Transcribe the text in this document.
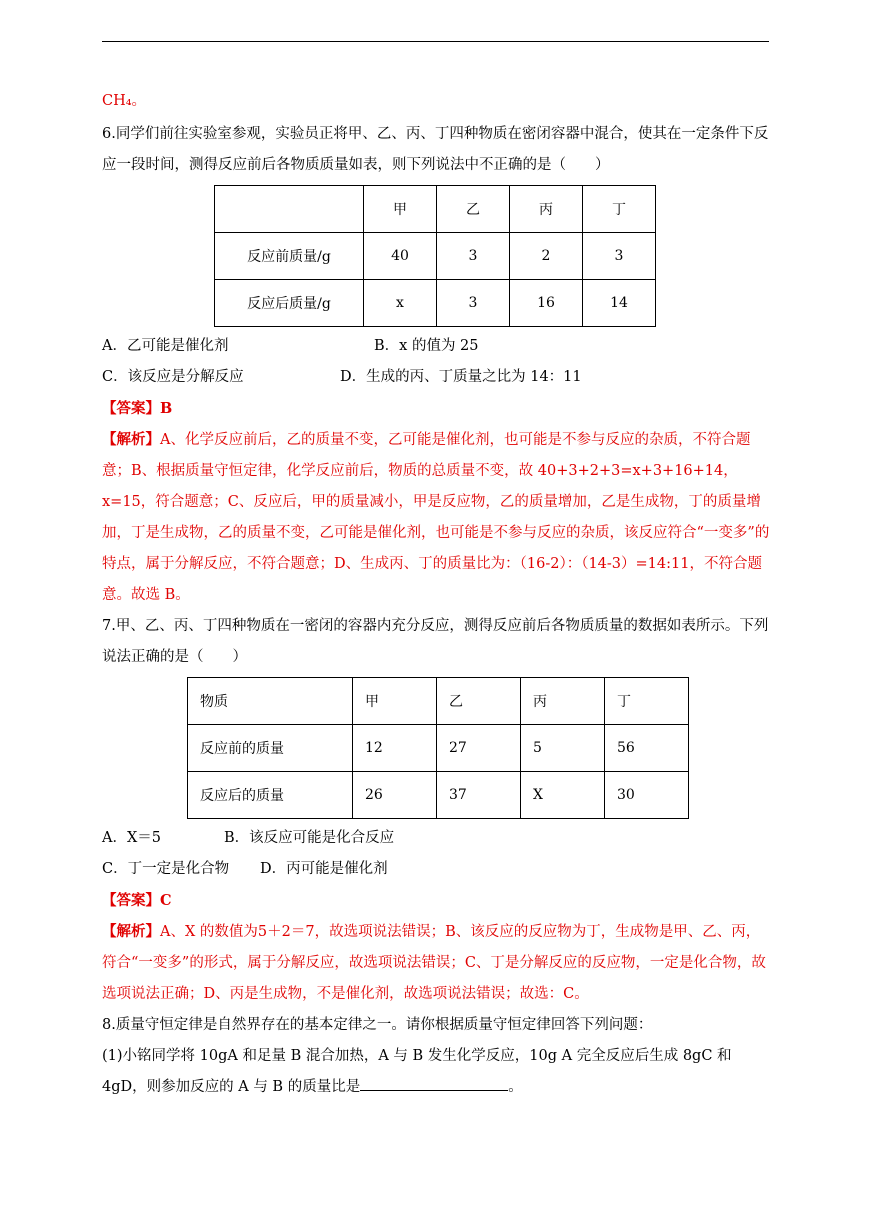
CH₄。

6.同学们前往实验室参观，实验员正将甲、乙、丙、丁四种物质在密闭容器中混合，使其在一定条件下反应一段时间，测得反应前后各物质质量如表，则下列说法中不正确的是（　　）

	甲	乙	丙	丁
反应前质量/g	40	3	2	3
反应后质量/g	x	3	16	14

A．乙可能是催化剂	B．x 的值为 25

C．该反应是分解反应	D．生成的丙、丁质量之比为 14：11

【答案】B

【解析】A、化学反应前后，乙的质量不变，乙可能是催化剂，也可能是不参与反应的杂质，不符合题意；B、根据质量守恒定律，化学反应前后，物质的总质量不变，故 40+3+2+3=x+3+16+14，x=15，符合题意；C、反应后，甲的质量减小，甲是反应物，乙的质量增加，乙是生成物，丁的质量增加，丁是生成物，乙的质量不变，乙可能是催化剂，也可能是不参与反应的杂质，该反应符合“一变多”的特点，属于分解反应，不符合题意；D、生成丙、丁的质量比为：（16-2）：（14-3）=14:11，不符合题意。故选 B。

7.甲、乙、丙、丁四种物质在一密闭的容器内充分反应，测得反应前后各物质质量的数据如表所示。下列说法正确的是（　　）

物质	甲	乙	丙	丁
反应前的质量	12	27	5	56
反应后的质量	26	37	X	30

A．X＝5	B．该反应可能是化合反应

C．丁一定是化合物 D．丙可能是催化剂

【答案】C

【解析】A、X 的数值为5＋2＝7，故选项说法错误；B、该反应的反应物为丁，生成物是甲、乙、丙，符合“一变多”的形式，属于分解反应，故选项说法错误；C、丁是分解反应的反应物，一定是化合物，故选项说法正确；D、丙是生成物，不是催化剂，故选项说法错误；故选：C。

8.质量守恒定律是自然界存在的基本定律之一。请你根据质量守恒定律回答下列问题：

(1)小铭同学将 10gA 和足量 B 混合加热，A 与 B 发生化学反应，10g A 完全反应后生成 8gC 和 4gD，则参加反应的 A 与 B 的质量比是	。
